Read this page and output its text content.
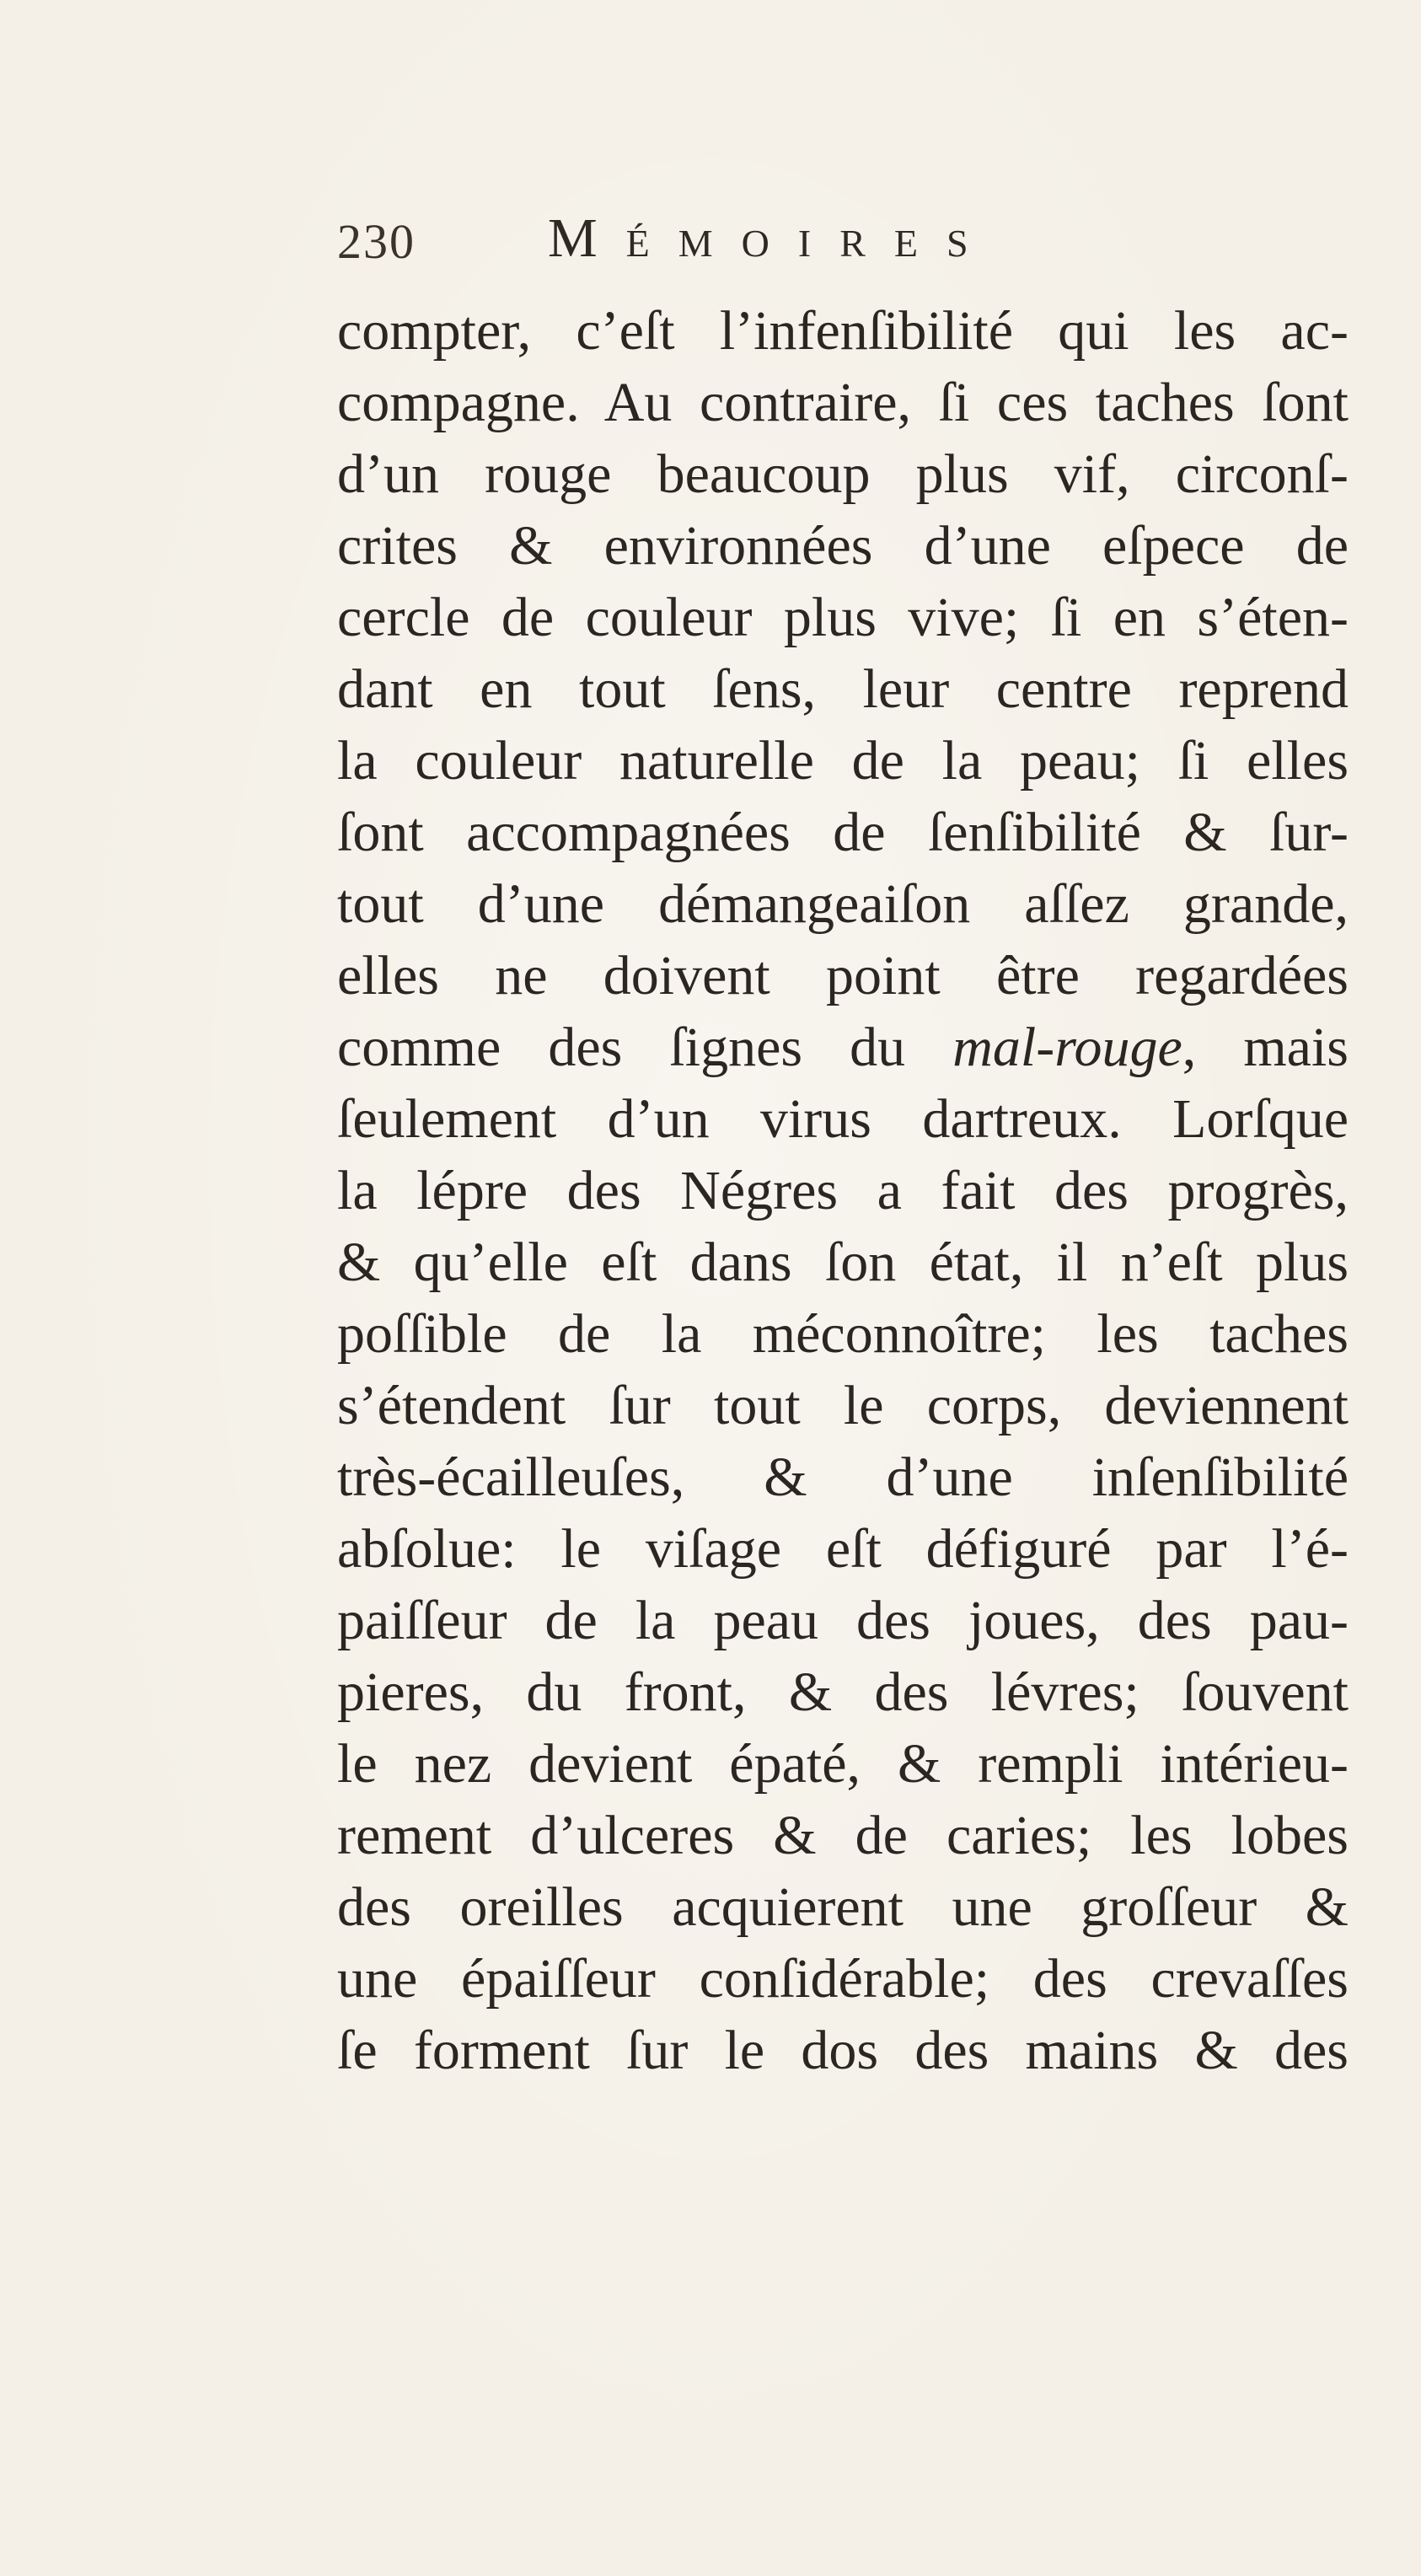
230 Mémoires
compter, c’eſt l’infenſibilité qui les ac-
compagne. Au contraire, ſi ces taches ſont
d’un rouge beaucoup plus vif, circonſ-
crites & environnées d’une eſpece de
cercle de couleur plus vive; ſi en s’éten-
dant en tout ſens, leur centre reprend
la couleur naturelle de la peau; ſi elles
ſont accompagnées de ſenſibilité & ſur-
tout d’une démangeaiſon aſſez grande,
elles ne doivent point être regardées
comme des ſignes du mal-rouge, mais
ſeulement d’un virus dartreux. Lorſque
la lépre des Négres a fait des progrès,
& qu’elle eſt dans ſon état, il n’eſt plus
poſſible de la méconnoître; les taches
s’étendent ſur tout le corps, deviennent
très-écailleuſes, & d’une inſenſibilité
abſolue: le viſage eſt défiguré par l’é-
paiſſeur de la peau des joues, des pau-
pieres, du front, & des lévres; ſouvent
le nez devient épaté, & rempli intérieu-
rement d’ulceres & de caries; les lobes
des oreilles acquierent une groſſeur &
une épaiſſeur conſidérable; des crevaſſes
ſe forment ſur le dos des mains & des
